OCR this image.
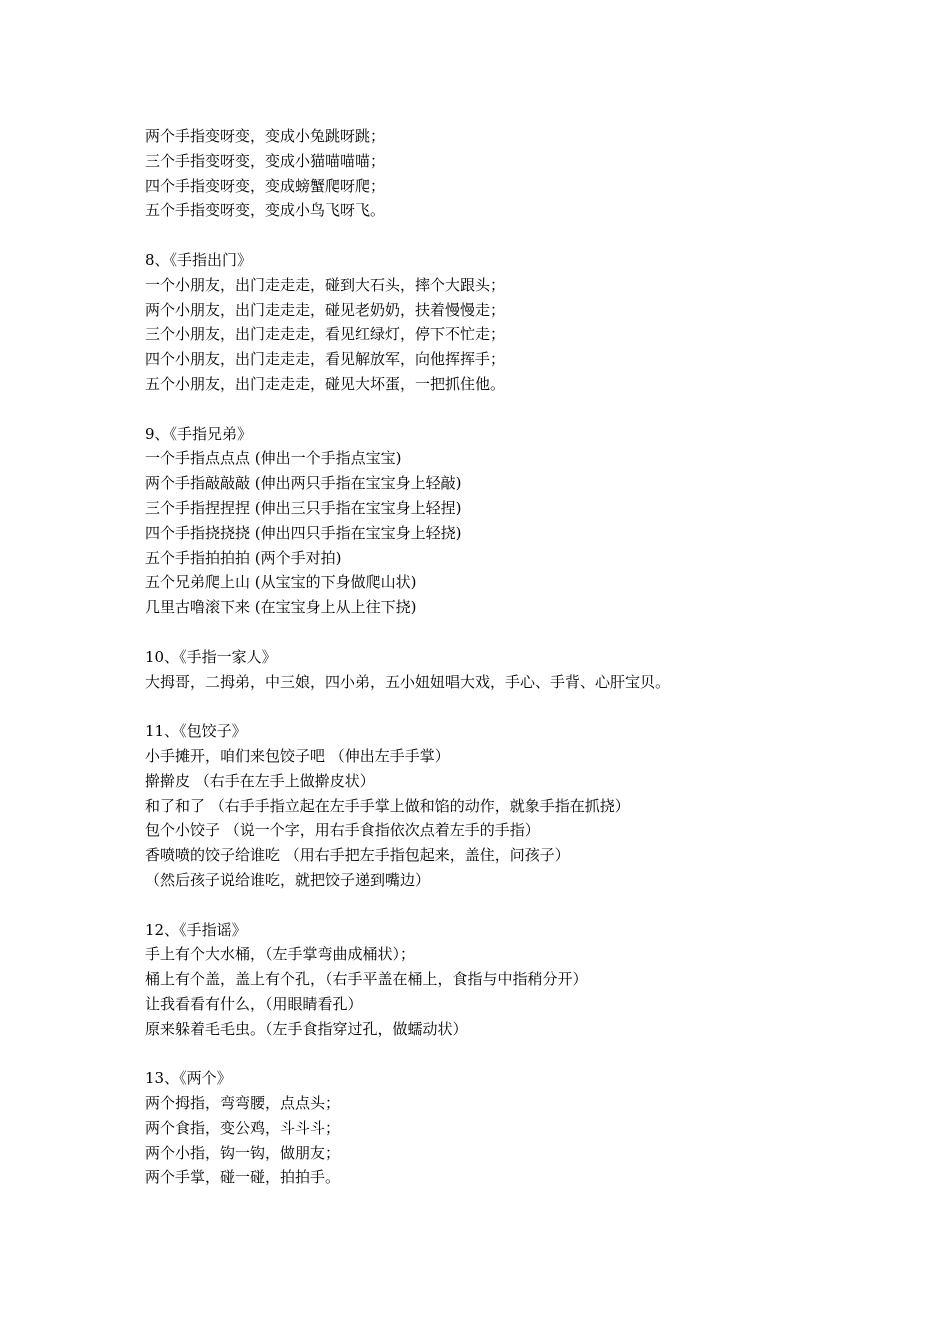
两个手指变呀变，变成小兔跳呀跳；
三个手指变呀变，变成小猫喵喵喵；
四个手指变呀变，变成螃蟹爬呀爬；
五个手指变呀变，变成小鸟飞呀飞。
8、《手指出门》
一个小朋友，出门走走走，碰到大石头，摔个大跟头；
两个小朋友，出门走走走，碰见老奶奶，扶着慢慢走；
三个小朋友，出门走走走，看见红绿灯，停下不忙走；
四个小朋友，出门走走走，看见解放军，向他挥挥手；
五个小朋友，出门走走走，碰见大坏蛋，一把抓住他。
9、《手指兄弟》
一个手指点点点 (伸出一个手指点宝宝)
两个手指敲敲敲 (伸出两只手指在宝宝身上轻敲)
三个手指捏捏捏 (伸出三只手指在宝宝身上轻捏)
四个手指挠挠挠 (伸出四只手指在宝宝身上轻挠)
五个手指拍拍拍 (两个手对拍)
五个兄弟爬上山 (从宝宝的下身做爬山状)
几里古噜滚下来 (在宝宝身上从上往下挠)
10、《手指一家人》
大拇哥，二拇弟，中三娘，四小弟，五小妞妞唱大戏，手心、手背、心肝宝贝。
11、《包饺子》
小手摊开，咱们来包饺子吧 （伸出左手手掌）
擀擀皮 （右手在左手上做擀皮状）
和了和了 （右手手指立起在左手手掌上做和馅的动作，就象手指在抓挠）
包个小饺子 （说一个字，用右手食指依次点着左手的手指）
香喷喷的饺子给谁吃 （用右手把左手指包起来，盖住，问孩子）
（然后孩子说给谁吃，就把饺子递到嘴边）
12、《手指谣》
手上有个大水桶，（左手掌弯曲成桶状）；
桶上有个盖，盖上有个孔，（右手平盖在桶上，食指与中指稍分开）
让我看看有什么，（用眼睛看孔）
原来躲着毛毛虫。（左手食指穿过孔，做蠕动状）
13、《两个》
两个拇指，弯弯腰，点点头；
两个食指，变公鸡，斗斗斗；
两个小指，钩一钩，做朋友；
两个手掌，碰一碰，拍拍手。
